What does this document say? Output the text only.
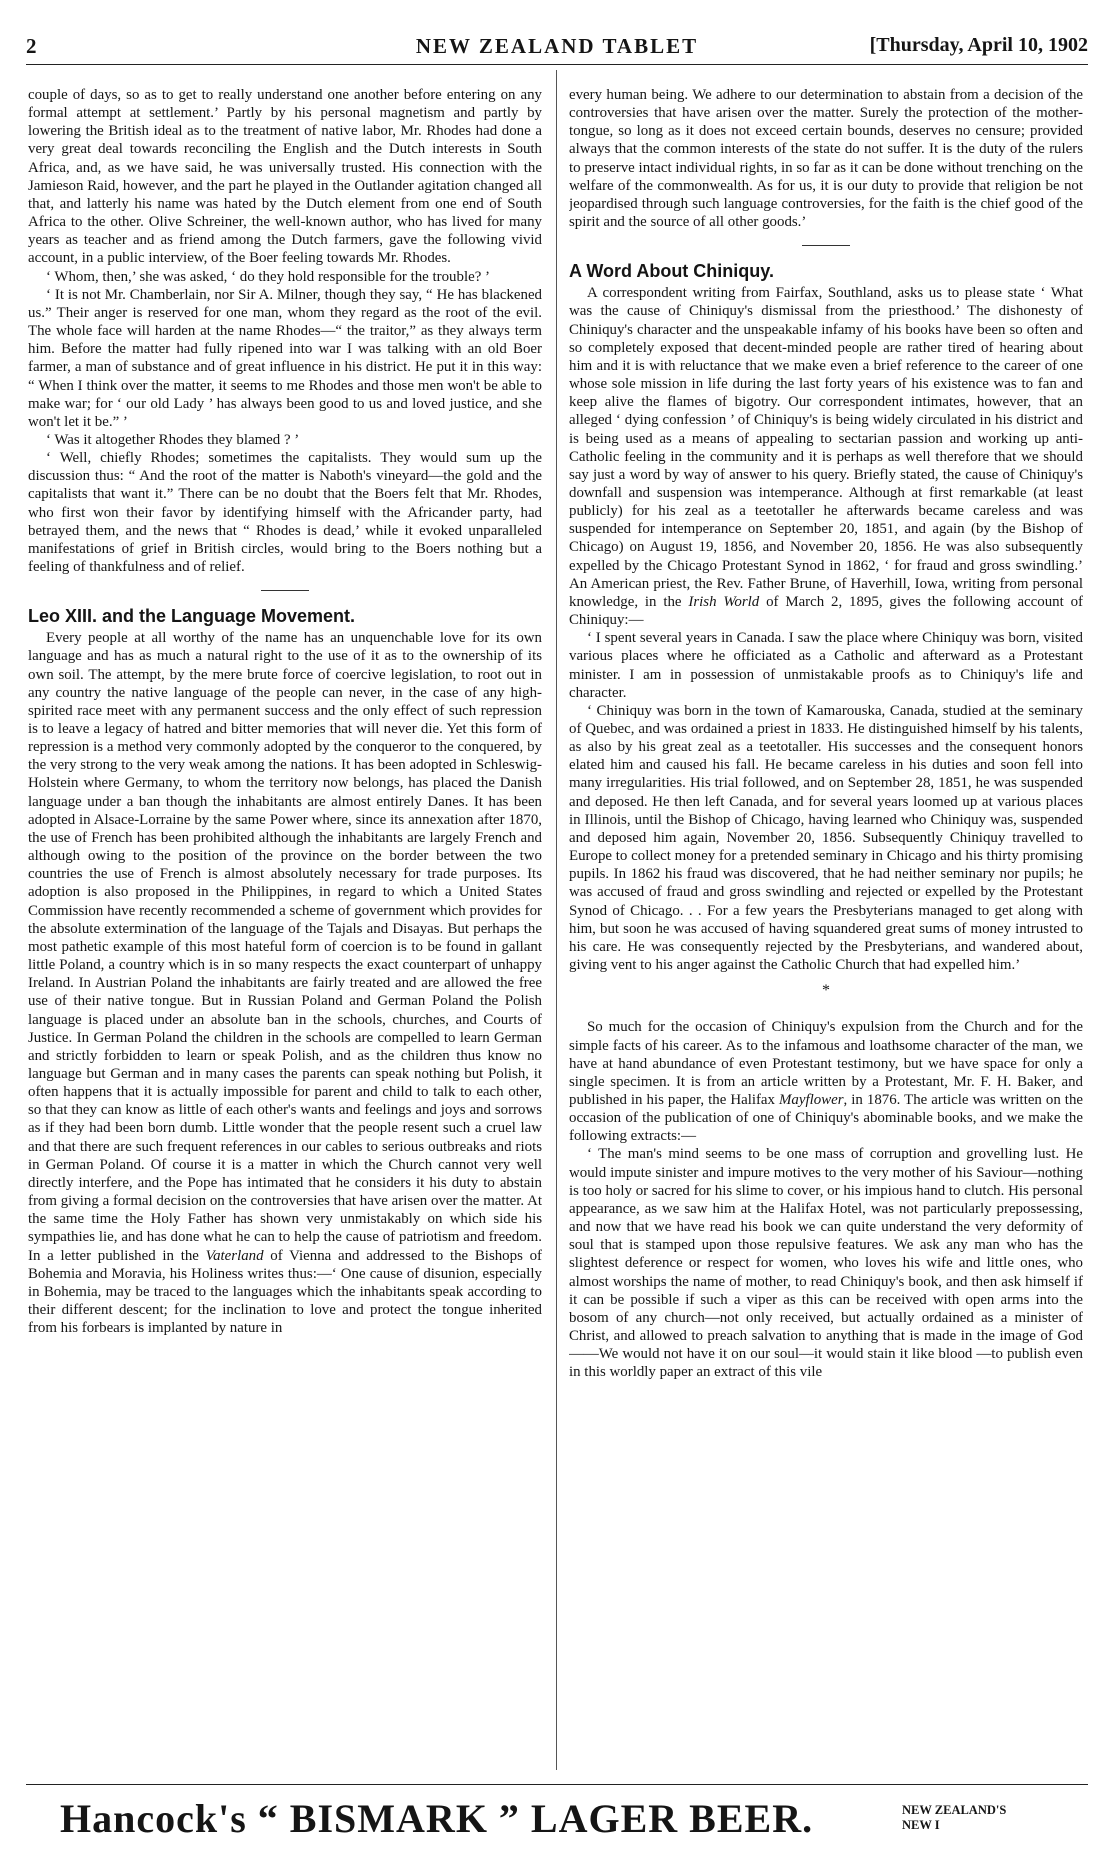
2	NEW ZEALAND TABLET	[Thursday, April 10, 1902

couple of days, so as to get to really understand one another before entering on any formal attempt at settlement.’ Partly by his personal magnetism and partly by lowering the British ideal as to the treatment of native labor, Mr. Rhodes had done a very great deal towards reconciling the English and the Dutch interests in South Africa, and, as we have said, he was universally trusted. His connection with the Jamieson Raid, however, and the part he played in the Outlander agitation changed all that, and latterly his name was hated by the Dutch element from one end of South Africa to the other. Olive Schreiner, the well-known author, who has lived for many years as teacher and as friend among the Dutch farmers, gave the following vivid account, in a public interview, of the Boer feeling towards Mr. Rhodes.

‘ Whom, then,’ she was asked, ‘ do they hold responsible for the trouble? ’

‘ It is not Mr. Chamberlain, nor Sir A. Milner, though they say, “ He has blackened us.” Their anger is reserved for one man, whom they regard as the root of the evil. The whole face will harden at the name Rhodes—“ the traitor,” as they always term him. Before the matter had fully ripened into war I was talking with an old Boer farmer, a man of substance and of great influence in his district. He put it in this way: “ When I think over the matter, it seems to me Rhodes and those men won't be able to make war; for ‘ our old Lady ’ has always been good to us and loved justice, and she won't let it be.” ’

‘ Was it altogether Rhodes they blamed ? ’

‘ Well, chiefly Rhodes; sometimes the capitalists. They would sum up the discussion thus: “ And the root of the matter is Naboth's vineyard—the gold and the capitalists that want it.” There can be no doubt that the Boers felt that Mr. Rhodes, who first won their favor by identifying himself with the Africander party, had betrayed them, and the news that “ Rhodes is dead,’ while it evoked unparalleled manifestations of grief in British circles, would bring to the Boers nothing but a feeling of thankfulness and of relief.

Leo XIII. and the Language Movement.

Every people at all worthy of the name has an unquenchable love for its own language and has as much a natural right to the use of it as to the ownership of its own soil. The attempt, by the mere brute force of coercive legislation, to root out in any country the native language of the people can never, in the case of any high-spirited race meet with any permanent success and the only effect of such repression is to leave a legacy of hatred and bitter memories that will never die. Yet this form of repression is a method very commonly adopted by the conqueror to the conquered, by the very strong to the very weak among the nations. It has been adopted in Schleswig-Holstein where Germany, to whom the territory now belongs, has placed the Danish language under a ban though the inhabitants are almost entirely Danes. It has been adopted in Alsace-Lorraine by the same Power where, since its annexation after 1870, the use of French has been prohibited although the inhabitants are largely French and although owing to the position of the province on the border between the two countries the use of French is almost absolutely necessary for trade purposes. Its adoption is also proposed in the Philippines, in regard to which a United States Commission have recently recommended a scheme of government which provides for the absolute extermination of the language of the Tajals and Disayas. But perhaps the most pathetic example of this most hateful form of coercion is to be found in gallant little Poland, a country which is in so many respects the exact counterpart of unhappy Ireland. In Austrian Poland the inhabitants are fairly treated and are allowed the free use of their native tongue. But in Russian Poland and German Poland the Polish language is placed under an absolute ban in the schools, churches, and Courts of Justice. In German Poland the children in the schools are compelled to learn German and strictly forbidden to learn or speak Polish, and as the children thus know no language but German and in many cases the parents can speak nothing but Polish, it often happens that it is actually impossible for parent and child to talk to each other, so that they can know as little of each other's wants and feelings and joys and sorrows as if they had been born dumb. Little wonder that the people resent such a cruel law and that there are such frequent references in our cables to serious outbreaks and riots in German Poland. Of course it is a matter in which the Church cannot very well directly interfere, and the Pope has intimated that he considers it his duty to abstain from giving a formal decision on the controversies that have arisen over the matter. At the same time the Holy Father has shown very unmistakably on which side his sympathies lie, and has done what he can to help the cause of patriotism and freedom. In a letter published in the Vaterland of Vienna and addressed to the Bishops of Bohemia and Moravia, his Holiness writes thus:—‘ One cause of disunion, especially in Bohemia, may be traced to the languages which the inhabitants speak according to their different descent; for the inclination to love and protect the tongue inherited from his forbears is implanted by nature in

every human being. We adhere to our determination to abstain from a decision of the controversies that have arisen over the matter. Surely the protection of the mother-tongue, so long as it does not exceed certain bounds, deserves no censure; provided always that the common interests of the state do not suffer. It is the duty of the rulers to preserve intact individual rights, in so far as it can be done without trenching on the welfare of the commonwealth. As for us, it is our duty to provide that religion be not jeopardised through such language controversies, for the faith is the chief good of the spirit and the source of all other goods.’

A Word About Chiniquy.

A correspondent writing from Fairfax, Southland, asks us to please state ‘ What was the cause of Chiniquy's dismissal from the priesthood.’ The dishonesty of Chiniquy's character and the unspeakable infamy of his books have been so often and so completely exposed that decent-minded people are rather tired of hearing about him and it is with reluctance that we make even a brief reference to the career of one whose sole mission in life during the last forty years of his existence was to fan and keep alive the flames of bigotry. Our correspondent intimates, however, that an alleged ‘ dying confession ’ of Chiniquy's is being widely circulated in his district and is being used as a means of appealing to sectarian passion and working up anti-Catholic feeling in the community and it is perhaps as well therefore that we should say just a word by way of answer to his query. Briefly stated, the cause of Chiniquy's downfall and suspension was intemperance. Although at first remarkable (at least publicly) for his zeal as a teetotaller he afterwards became careless and was suspended for intemperance on September 20, 1851, and again (by the Bishop of Chicago) on August 19, 1856, and November 20, 1856. He was also subsequently expelled by the Chicago Protestant Synod in 1862, ‘ for fraud and gross swindling.’ An American priest, the Rev. Father Brune, of Haverhill, Iowa, writing from personal knowledge, in the Irish World of March 2, 1895, gives the following account of Chiniquy:—

‘ I spent several years in Canada. I saw the place where Chiniquy was born, visited various places where he officiated as a Catholic and afterward as a Protestant minister. I am in possession of unmistakable proofs as to Chiniquy's life and character.

‘ Chiniquy was born in the town of Kamarouska, Canada, studied at the seminary of Quebec, and was ordained a priest in 1833. He distinguished himself by his talents, as also by his great zeal as a teetotaller. His successes and the consequent honors elated him and caused his fall. He became careless in his duties and soon fell into many irregularities. His trial followed, and on September 28, 1851, he was suspended and deposed. He then left Canada, and for several years loomed up at various places in Illinois, until the Bishop of Chicago, having learned who Chiniquy was, suspended and deposed him again, November 20, 1856. Subsequently Chiniquy travelled to Europe to collect money for a pretended seminary in Chicago and his thirty promising pupils. In 1862 his fraud was discovered, that he had neither seminary nor pupils; he was accused of fraud and gross swindling and rejected or expelled by the Protestant Synod of Chicago. . . For a few years the Presbyterians managed to get along with him, but soon he was accused of having squandered great sums of money intrusted to his care. He was consequently rejected by the Presbyterians, and wandered about, giving vent to his anger against the Catholic Church that had expelled him.’

*

So much for the occasion of Chiniquy's expulsion from the Church and for the simple facts of his career. As to the infamous and loathsome character of the man, we have at hand abundance of even Protestant testimony, but we have space for only a single specimen. It is from an article written by a Protestant, Mr. F. H. Baker, and published in his paper, the Halifax Mayflower, in 1876. The article was written on the occasion of the publication of one of Chiniquy's abominable books, and we make the following extracts:—

‘ The man's mind seems to be one mass of corruption and grovelling lust. He would impute sinister and impure motives to the very mother of his Saviour—nothing is too holy or sacred for his slime to cover, or his impious hand to clutch. His personal appearance, as we saw him at the Halifax Hotel, was not particularly prepossessing, and now that we have read his book we can quite understand the very deformity of soul that is stamped upon those repulsive features. We ask any man who has the slightest deference or respect for women, who loves his wife and little ones, who almost worships the name of mother, to read Chiniquy's book, and then ask himself if it can be possible if such a viper as this can be received with open arms into the bosom of any church—not only received, but actually ordained as a minister of Christ, and allowed to preach salvation to anything that is made in the image of God——We would not have it on our soul—it would stain it like blood —to publish even in this worldly paper an extract of this vile

Hancock's “ BISMARK ” LAGER BEER.	NEW ZEALAND'S
NEW I
